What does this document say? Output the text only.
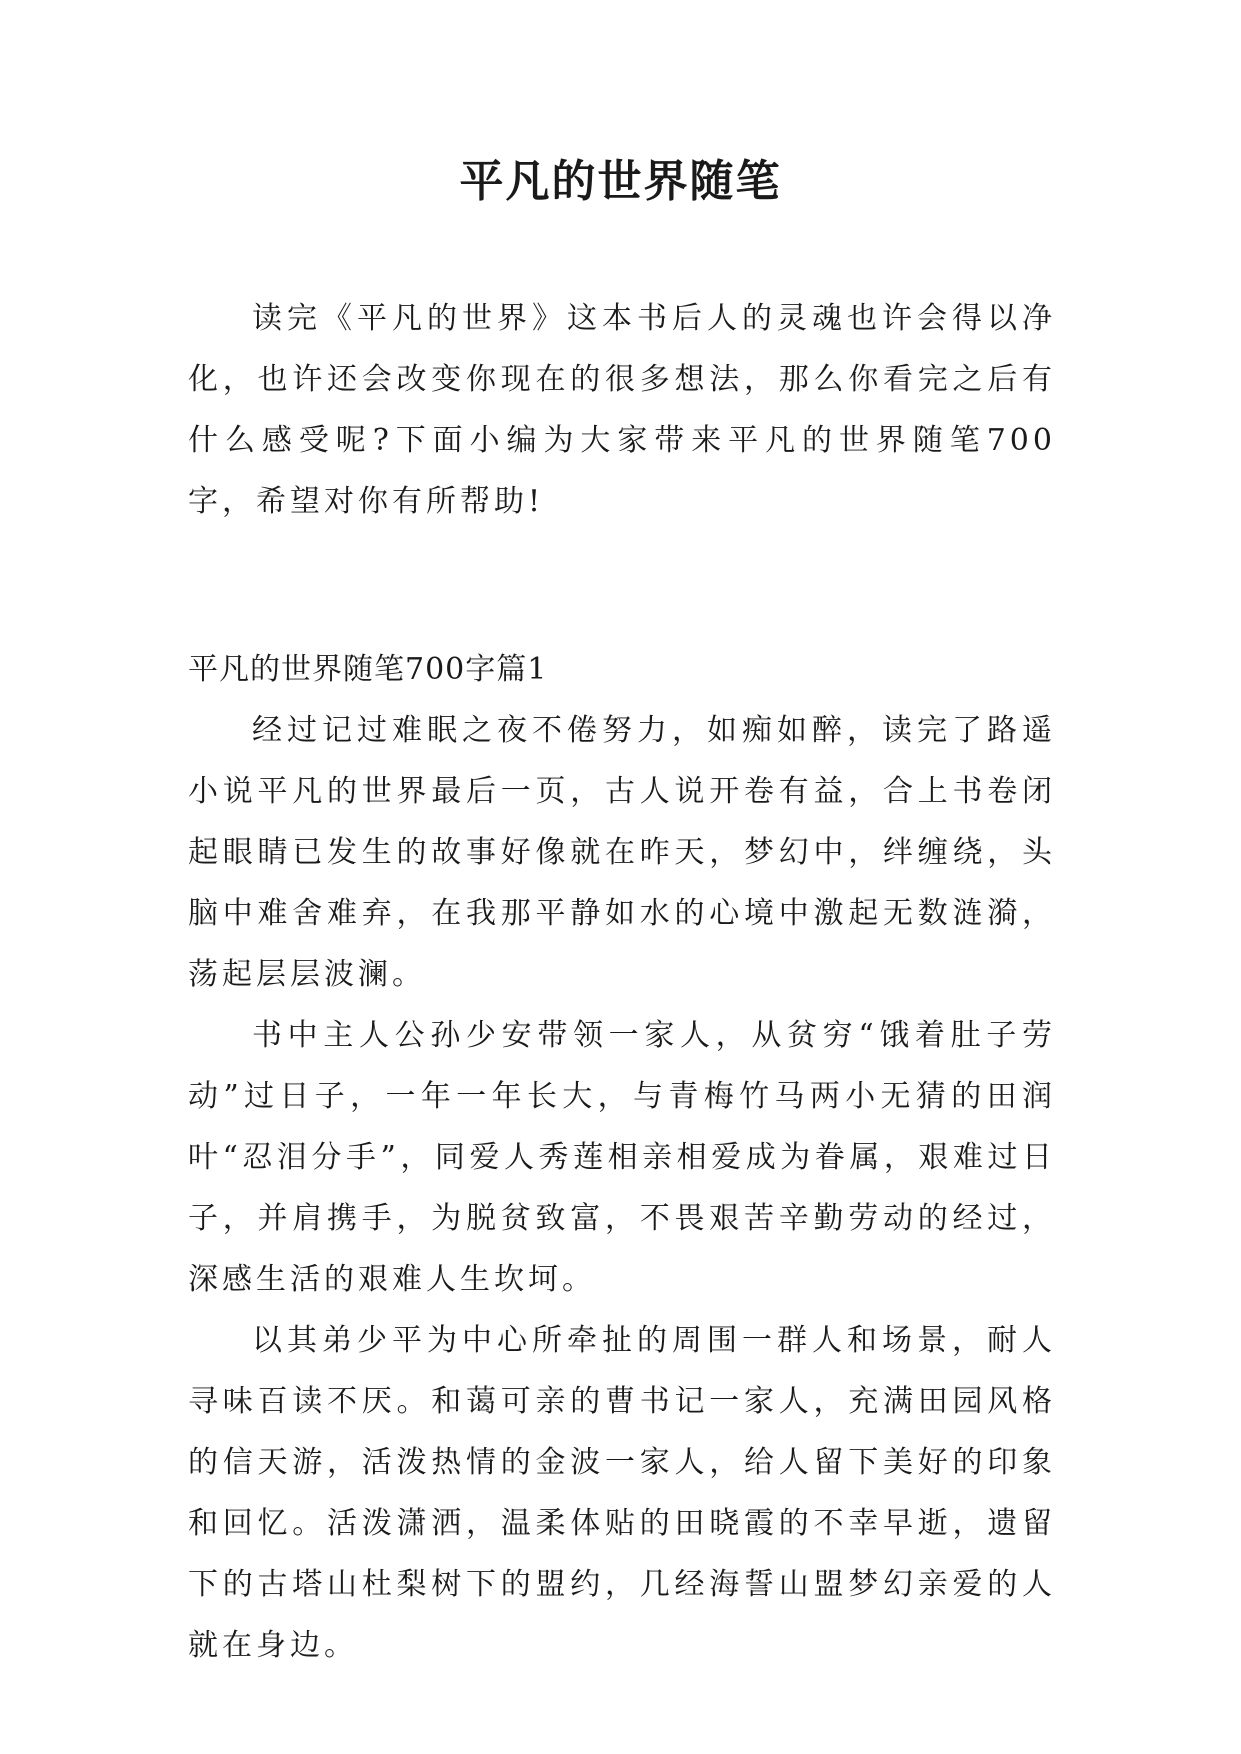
平凡的世界随笔

读完《平凡的世界》这本书后人的灵魂也许会得以净化，也许还会改变你现在的很多想法，那么你看完之后有什么感受呢?下面小编为大家带来平凡的世界随笔700字，希望对你有所帮助!

平凡的世界随笔700字篇1

经过记过难眠之夜不倦努力，如痴如醉，读完了路遥小说平凡的世界最后一页，古人说开卷有益，合上书卷闭起眼睛已发生的故事好像就在昨天，梦幻中，绊缠绕，头脑中难舍难弃，在我那平静如水的心境中激起无数涟漪，荡起层层波澜。

书中主人公孙少安带领一家人，从贫穷“饿着肚子劳动”过日子，一年一年长大，与青梅竹马两小无猜的田润叶“忍泪分手”，同爱人秀莲相亲相爱成为眷属，艰难过日子，并肩携手，为脱贫致富，不畏艰苦辛勤劳动的经过，深感生活的艰难人生坎坷。

以其弟少平为中心所牵扯的周围一群人和场景，耐人寻味百读不厌。和蔼可亲的曹书记一家人，充满田园风格的信天游，活泼热情的金波一家人，给人留下美好的印象和回忆。活泼潇洒，温柔体贴的田晓霞的不幸早逝，遗留下的古塔山杜梨树下的盟约，几经海誓山盟梦幻亲爱的人就在身边。
